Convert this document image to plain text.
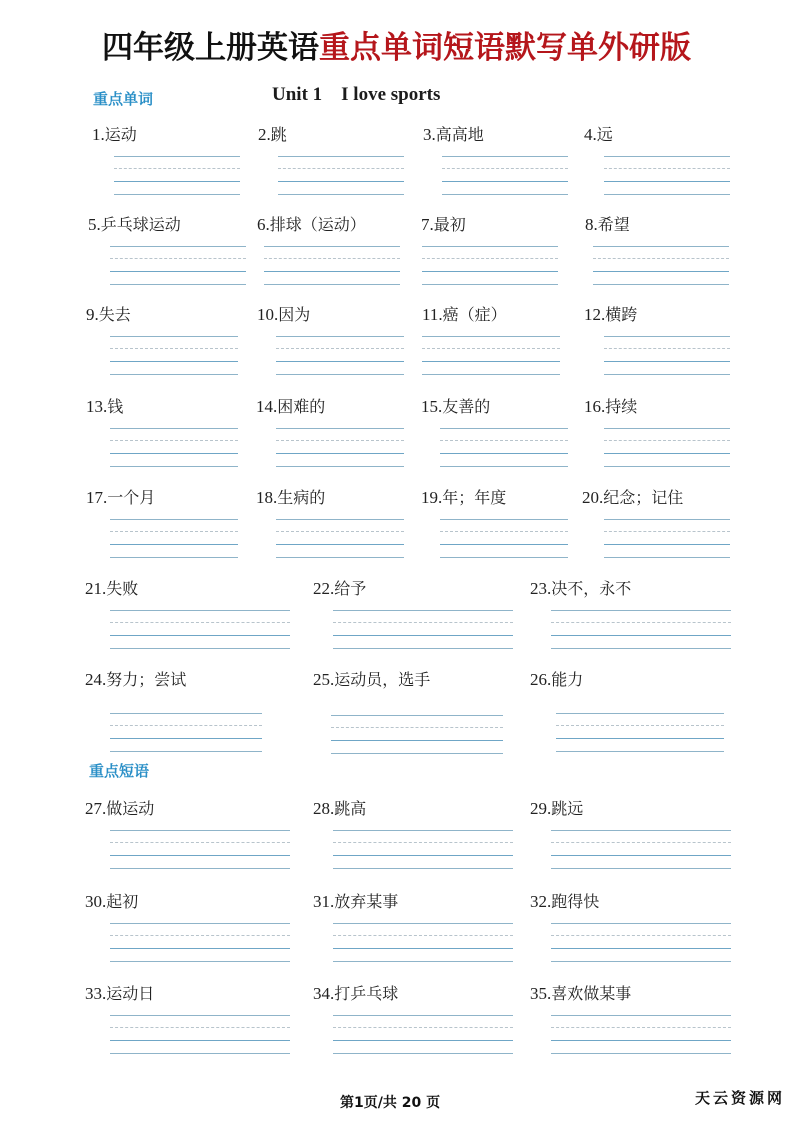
四年级上册英语重点单词短语默写单外研版
重点单词	Unit 1    I love sports
1.运动	2.跳	3.高高地	4.远
5.乒乓球运动	6.排球（运动）	7.最初	8.希望
9.失去	10.因为	11.癌（症）	12.横跨
13.钱	14.困难的	15.友善的	16.持续
17.一个月	18.生病的	19.年；年度	20.纪念；记住
21.失败	22.给予	23.决不，永不
24.努力；尝试	25.运动员，选手	26.能力
27.做运动	28.跳高	29.跳远
30.起初	31.放弃某事	32.跑得快
33.运动日	34.打乒乓球	35.喜欢做某事
重点短语
第1页/共 20 页	天云资源网
